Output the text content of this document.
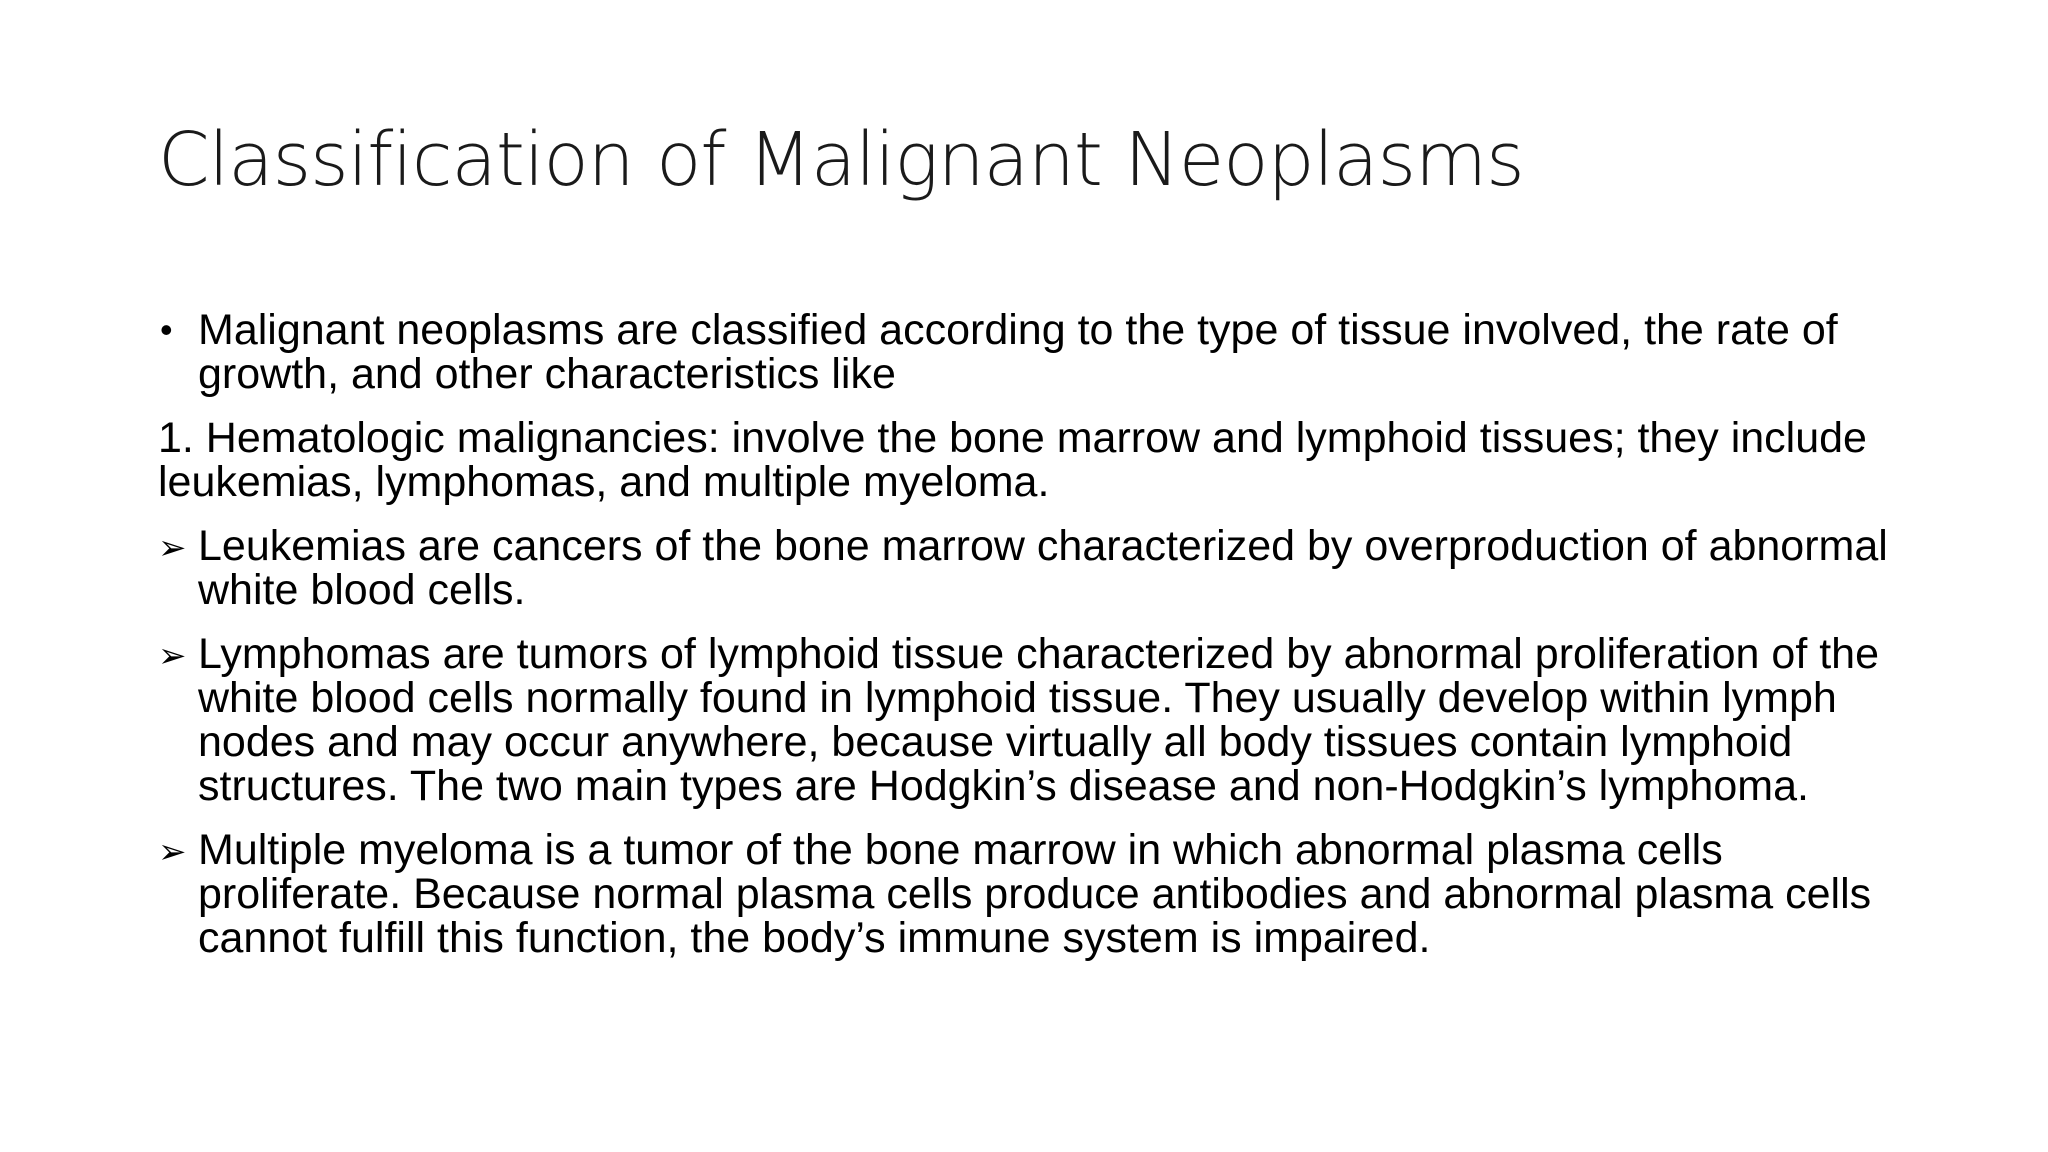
Classification of Malignant Neoplasms

• Malignant neoplasms are classified according to the type of tissue involved, the rate of growth, and other characteristics like

1. Hematologic malignancies: involve the bone marrow and lymphoid tissues; they include leukemias, lymphomas, and multiple myeloma.

➢ Leukemias are cancers of the bone marrow characterized by overproduction of abnormal white blood cells.

➢ Lymphomas are tumors of lymphoid tissue characterized by abnormal proliferation of the white blood cells normally found in lymphoid tissue. They usually develop within lymph nodes and may occur anywhere, because virtually all body tissues contain lymphoid structures. The two main types are Hodgkin’s disease and non-Hodgkin’s lymphoma.

➢ Multiple myeloma is a tumor of the bone marrow in which abnormal plasma cells proliferate. Because normal plasma cells produce antibodies and abnormal plasma cells cannot fulfill this function, the body’s immune system is impaired.
